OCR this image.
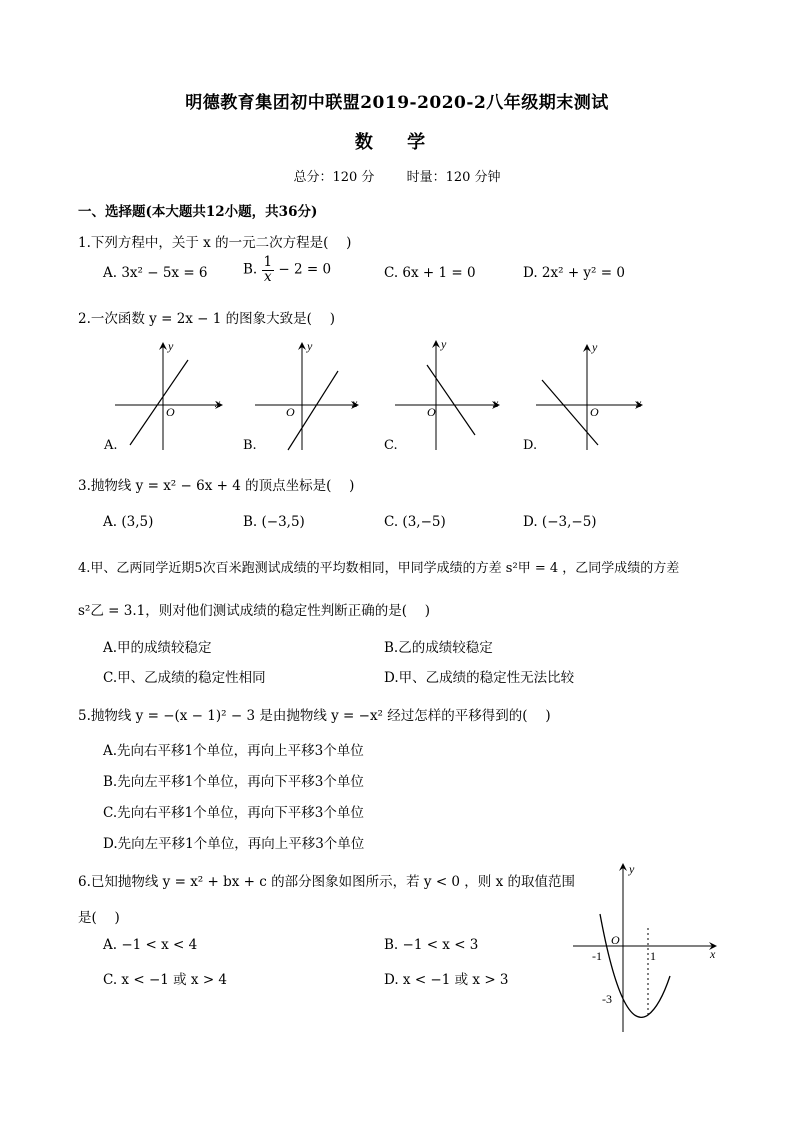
明德教育集团初中联盟2019-2020-2八年级期末测试
数 学
总分：120 分 时量：120 分钟
一、选择题(本大题共12小题，共36分)
1.下列方程中，关于 x 的一元二次方程是(　 )
A. 3x² − 5x = 6	B. $\frac{1}{x} - 2 = 0$	C. 6x + 1 = 0	D. 2x² + y² = 0
2.一次函数 y = 2x − 1 的图象大致是(　 )
x
y
O
x
y
O
x
y
O
x
y
O
A.	B.	C.	D.
3.抛物线 y = x² − 6x + 4 的顶点坐标是(　 )
A. (3,5)	B. (−3,5)	C. (3,−5)	D. (−3,−5)
4.甲、乙两同学近期5次百米跑测试成绩的平均数相同，甲同学成绩的方差 s²甲 = 4 ，乙同学成绩的方差
s²乙 = 3.1，则对他们测试成绩的稳定性判断正确的是(　 )
A.甲的成绩较稳定	B.乙的成绩较稳定
C.甲、乙成绩的稳定性相同	D.甲、乙成绩的稳定性无法比较
5.抛物线 y = −(x − 1)² − 3 是由抛物线 y = −x² 经过怎样的平移得到的(　 )
A.先向右平移1个单位，再向上平移3个单位
B.先向左平移1个单位，再向下平移3个单位
C.先向右平移1个单位，再向下平移3个单位
D.先向左平移1个单位，再向上平移3个单位
6.已知抛物线 y = x² + bx + c 的部分图象如图所示，若 y < 0 ，则 x 的取值范围
是(　 )
A. −1 < x < 4	B. −1 < x < 3
C. x < −1 或 x > 4	D. x < −1 或 x > 3
x
y
O
-1	1
-3
